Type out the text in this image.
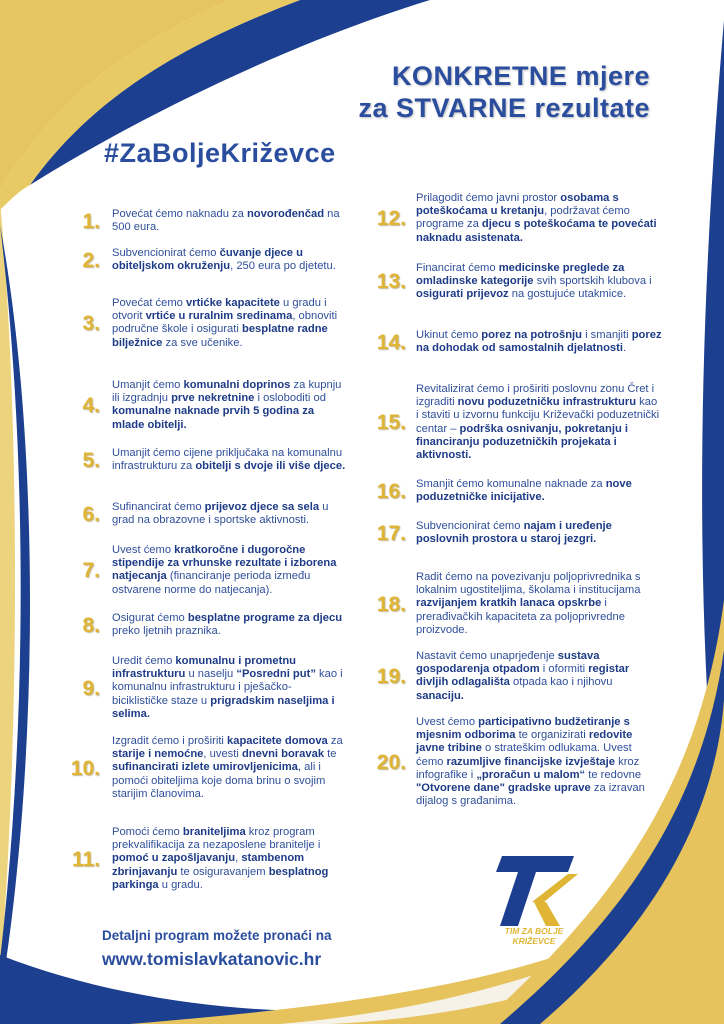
KONKRETNE mjere
za STVARNE rezultate
#ZaBoljeKriževce
1. Povećat ćemo naknadu za novorođenčad na 500 eura.
2. Subvencionirat ćemo čuvanje djece u obiteljskom okruženju, 250 eura po djetetu.
3.
Povećat ćemo vrtićke kapacitete u gradu i otvorit vrtiće u ruralnim sredinama, obnoviti područne škole i osigurati besplatne radne bilježnice za sve učenike.
4.
Umanjit ćemo komunalni doprinos za kupnju ili izgradnju prve nekretnine i osloboditi od komunalne naknade prvih 5 godina za mlade obitelji.
5. Umanjit ćemo cijene priključaka na komunalnu infrastrukturu za obitelji s dvoje ili više djece.
6. Sufinancirat ćemo prijevoz djece sa sela u grad na obrazovne i sportske aktivnosti.
7.
Uvest ćemo kratkoročne i dugoročne stipendije za vrhunske rezultate i izborena natjecanja (financiranje perioda između ostvarene norme do natjecanja).
8. Osigurat ćemo besplatne programe za djecu preko ljetnih praznika.
9.
Uredit ćemo komunalnu i prometnu infrastrukturu u naselju “Posredni put” kao i komunalnu infrastrukturu i pješačko-biciklističke staze u prigradskim naseljima i selima.
10.
Izgradit ćemo i proširiti kapacitete domova za starije i nemoćne, uvesti dnevni boravak te sufinancirati izlete umirovljenicima, ali i pomoći obiteljima koje doma brinu o svojim starijim članovima.
11.
Pomoći ćemo braniteljima kroz program prekvalifikacija za nezaposlene branitelje i pomoć u zapošljavanju, stambenom zbrinjavanju te osiguravanjem besplatnog parkinga u gradu.
12.
Prilagodit ćemo javni prostor osobama s poteškoćama u kretanju, podržavat ćemo programe za djecu s poteškoćama te povećati naknadu asistenata.
13.
Financirat ćemo medicinske preglede za omladinske kategorije svih sportskih klubova i osigurati prijevoz na gostujuće utakmice.
14. Ukinut ćemo porez na potrošnju i smanjiti porez na dohodak od samostalnih djelatnosti.
15.
Revitalizirat ćemo i proširiti poslovnu zonu Čret i izgraditi novu poduzetničku infrastrukturu kao i staviti u izvornu funkciju Križevački poduzetnički centar – podrška osnivanju, pokretanju i financiranju poduzetničkih projekata i aktivnosti.
16. Smanjit ćemo komunalne naknade za nove poduzetničke inicijative.
17. Subvencionirat ćemo najam i uređenje poslovnih prostora u staroj jezgri.
18.
Radit ćemo na povezivanju poljoprivrednika s lokalnim ugostiteljima, školama i institucijama razvijanjem kratkih lanaca opskrbe i prerađivačkih kapaciteta za poljoprivredne proizvode.
19.
Nastavit ćemo unaprjeđenje sustava gospodarenja otpadom i oformiti registar divljih odlagališta otpada kao i njihovu sanaciju.
20.
Uvest ćemo participativno budžetiranje s mjesnim odborima te organizirati redovite javne tribine o strateškim odlukama. Uvest ćemo razumljive financijske izvještaje kroz infografike i „proračun u malom“ te redovne "Otvorene dane" gradske uprave za izravan dijalog s građanima.
Detaljni program možete pronaći na
www.tomislavkatanovic.hr
TIM ZA BOLJE
KRIŽEVCE
